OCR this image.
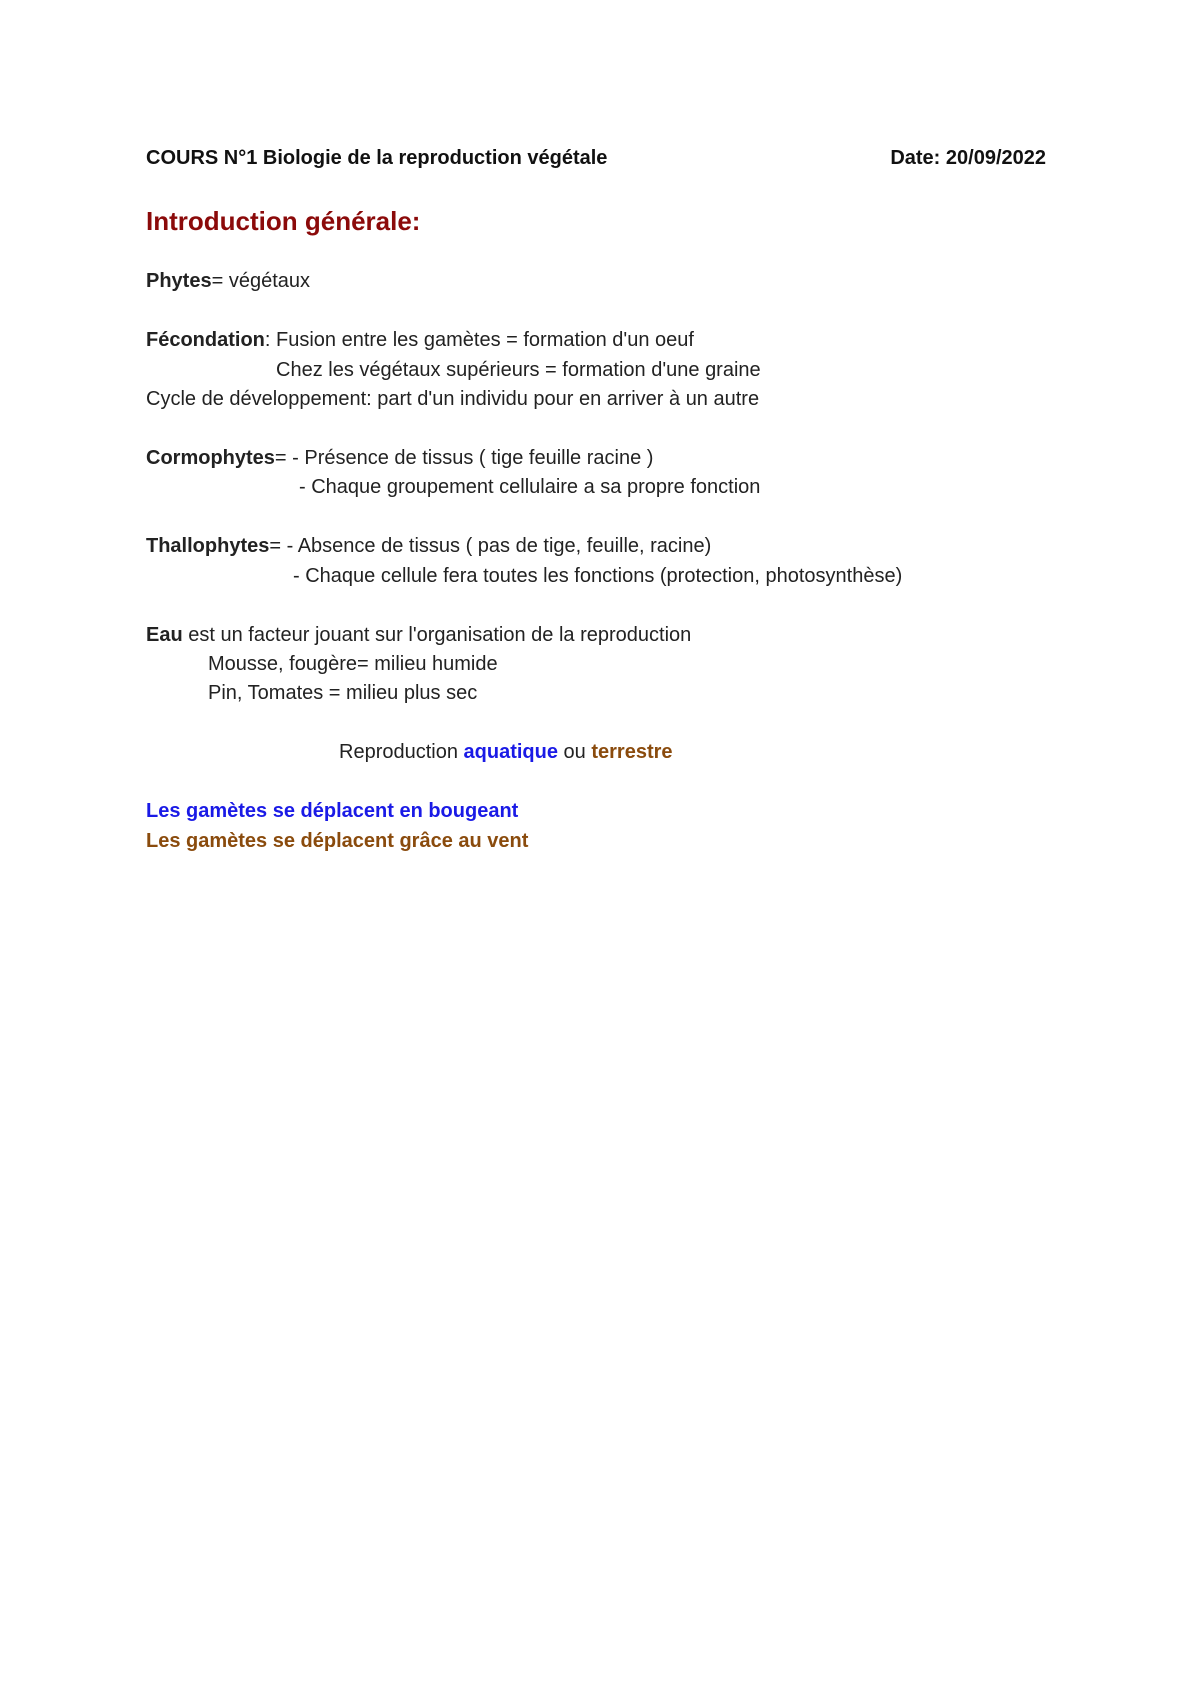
COURS N°1 Biologie de la reproduction végétale	Date: 20/09/2022
Introduction générale:
Phytes= végétaux
Fécondation: Fusion entre les gamètes = formation d'un oeuf
Chez les végétaux supérieurs = formation d'une graine
Cycle de développement: part d'un individu pour en arriver à un autre
Cormophytes= - Présence de tissus ( tige feuille racine )
- Chaque groupement cellulaire a sa propre fonction
Thallophytes= - Absence de tissus ( pas de tige, feuille, racine)
- Chaque cellule fera toutes les fonctions (protection, photosynthèse)
Eau est un facteur jouant sur l'organisation de la reproduction
Mousse, fougère= milieu humide
Pin, Tomates = milieu plus sec
Reproduction aquatique ou terrestre
Les gamètes se déplacent en bougeant
Les gamètes se déplacent grâce au vent
